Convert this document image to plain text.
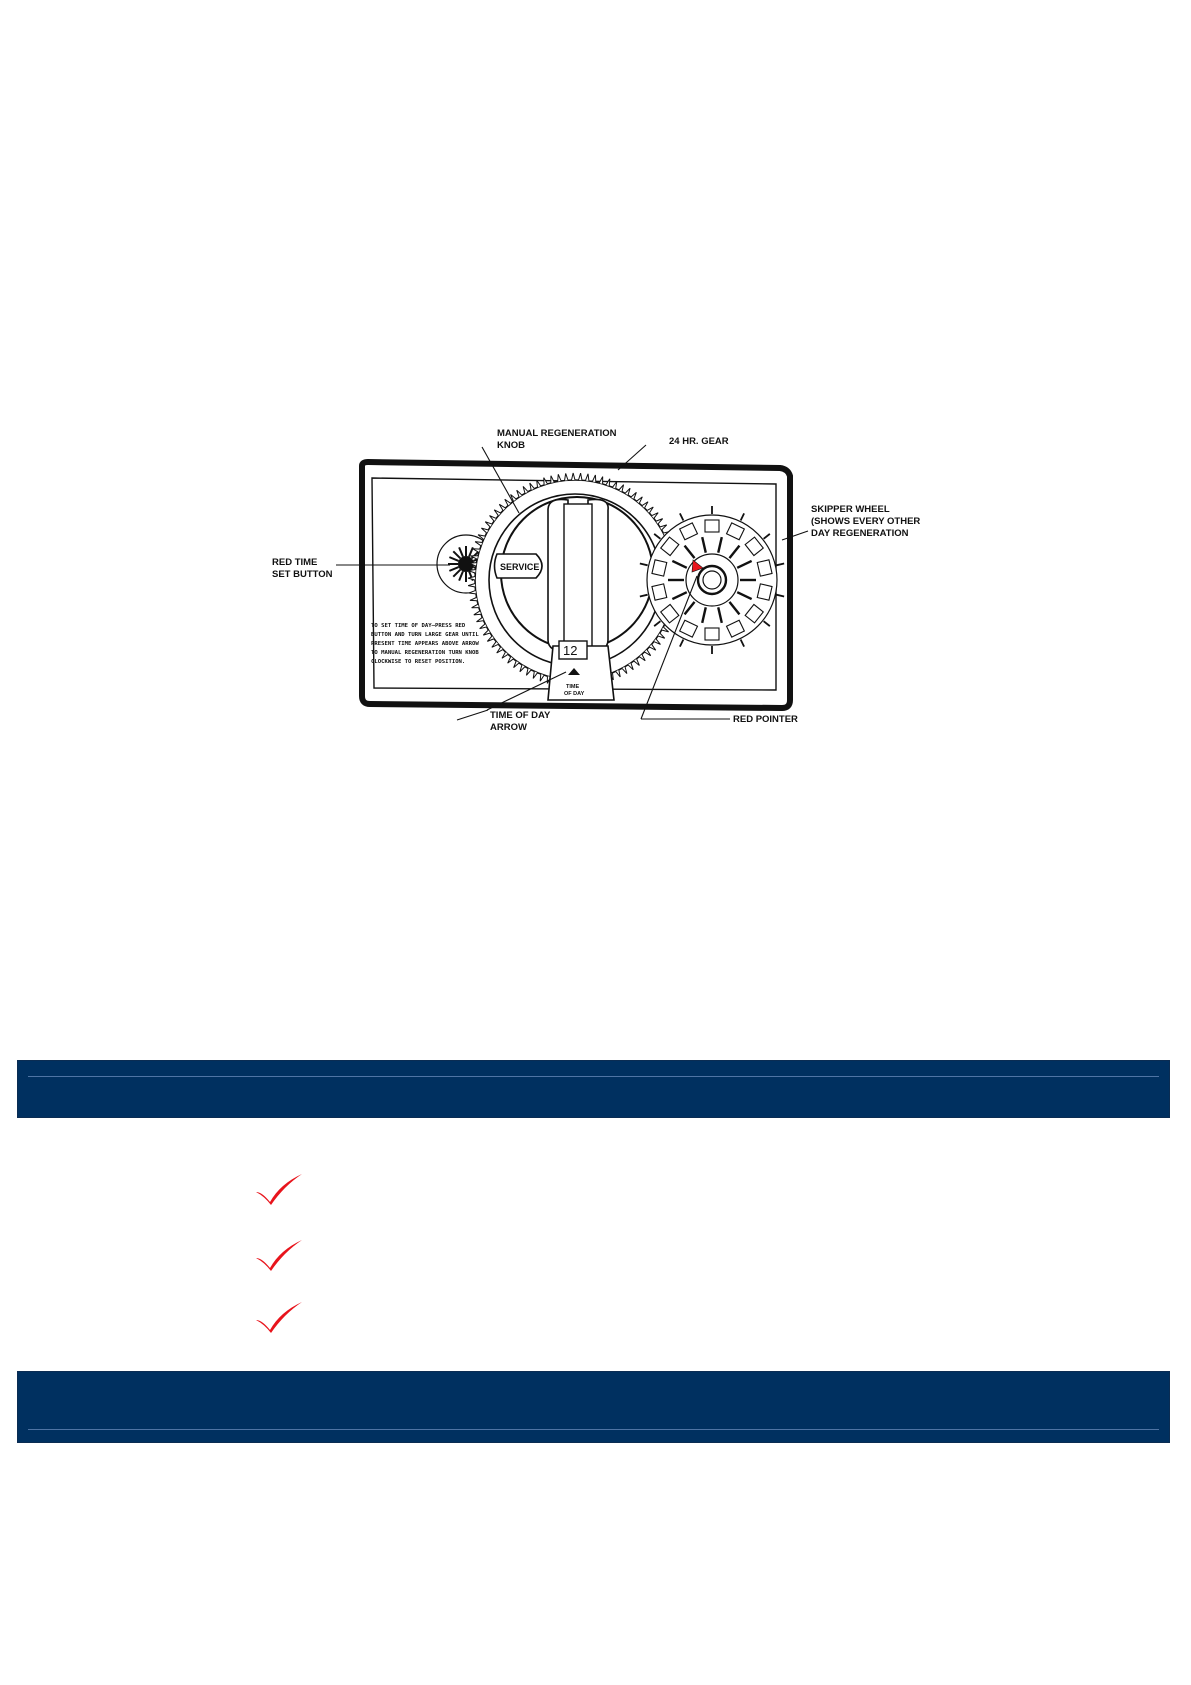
SERVICE
12
TIME
OF DAY
TO SET TIME OF DAY—PRESS RED
BUTTON AND TURN LARGE GEAR UNTIL
PRESENT TIME APPEARS ABOVE ARROW
TO MANUAL REGENERATION TURN KNOB
CLOCKWISE TO RESET POSITION.
MANUAL REGENERATION
KNOB	24 HR. GEAR
SKIPPER WHEEL
(SHOWS EVERY OTHER
DAY REGENERATION
RED TIME
SET BUTTON
TIME OF DAY
ARROW
RED POINTER
